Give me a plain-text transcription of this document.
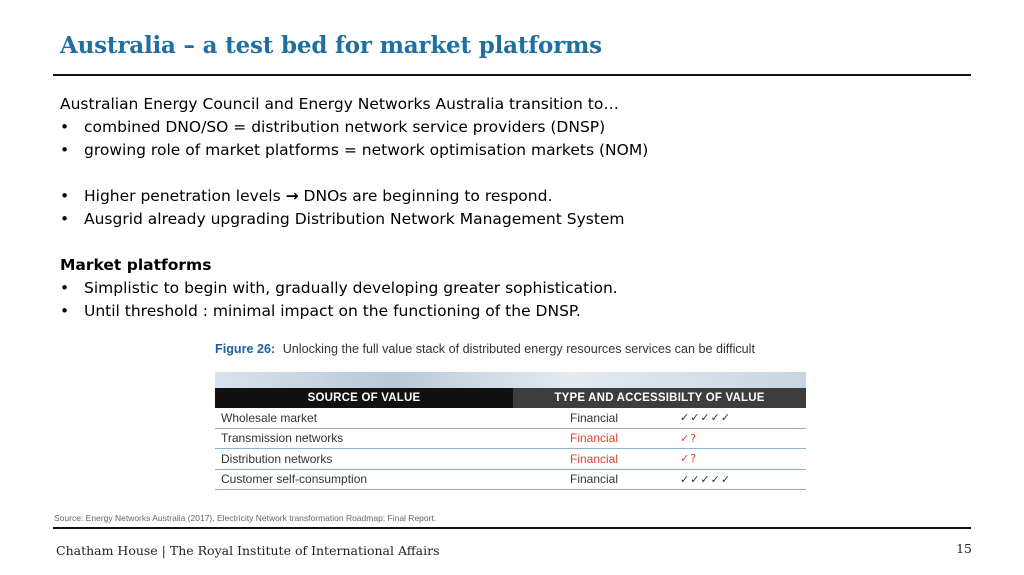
Australia – a test bed for market platforms
Australian Energy Council and Energy Networks Australia transition to…
• combined DNO/SO = distribution network service providers (DNSP)
• growing role of market platforms = network optimisation markets (NOM)
• Higher penetration levels → DNOs are beginning to respond.
• Ausgrid already upgrading Distribution Network Management System
Market platforms
• Simplistic to begin with, gradually developing greater sophistication.
• Until threshold : minimal impact on the functioning of the DNSP.
Figure 26: Unlocking the full value stack of distributed energy resources services can be difficult
SOURCE OF VALUE	TYPE AND ACCESSIBILTY OF VALUE
Wholesale market	Financial	✓✓✓✓✓
Transmission networks	Financial	✓?
Distribution networks	Financial	✓?
Customer self-consumption	Financial	✓✓✓✓✓
Source: Energy Networks Australia (2017), Electricity Network transformation Roadmap: Final Report.
Chatham House | The Royal Institute of International Affairs	15
